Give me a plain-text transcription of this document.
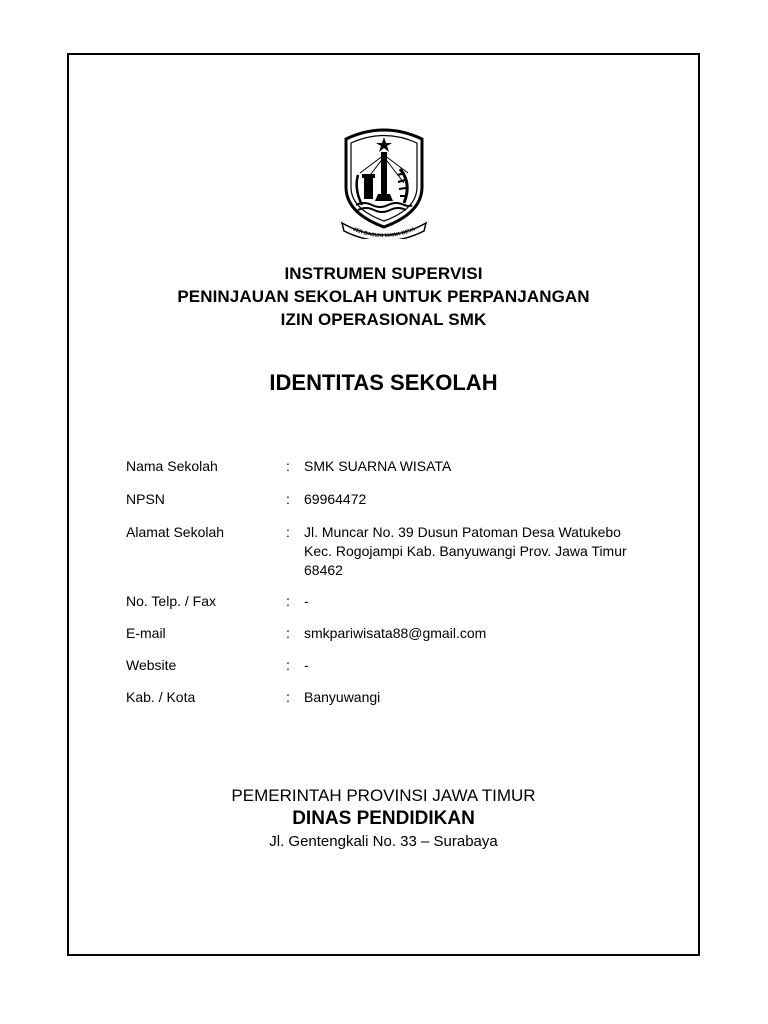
JER BASUKI MAWA BEYA
INSTRUMEN SUPERVISI
PENINJAUAN SEKOLAH UNTUK PERPANJANGAN
IZIN OPERASIONAL SMK
IDENTITAS SEKOLAH
Nama Sekolah	:	SMK SUARNA WISATA
NPSN	:	69964472
Alamat Sekolah	:	Jl. Muncar No. 39 Dusun Patoman Desa Watukebo
Kec. Rogojampi Kab. Banyuwangi Prov. Jawa Timur
68462
No. Telp. / Fax	:	-
E-mail	:	smkpariwisata88@gmail.com
Website	:	-
Kab. / Kota	:	Banyuwangi
PEMERINTAH PROVINSI JAWA TIMUR
DINAS PENDIDIKAN
Jl. Gentengkali No. 33 – Surabaya
